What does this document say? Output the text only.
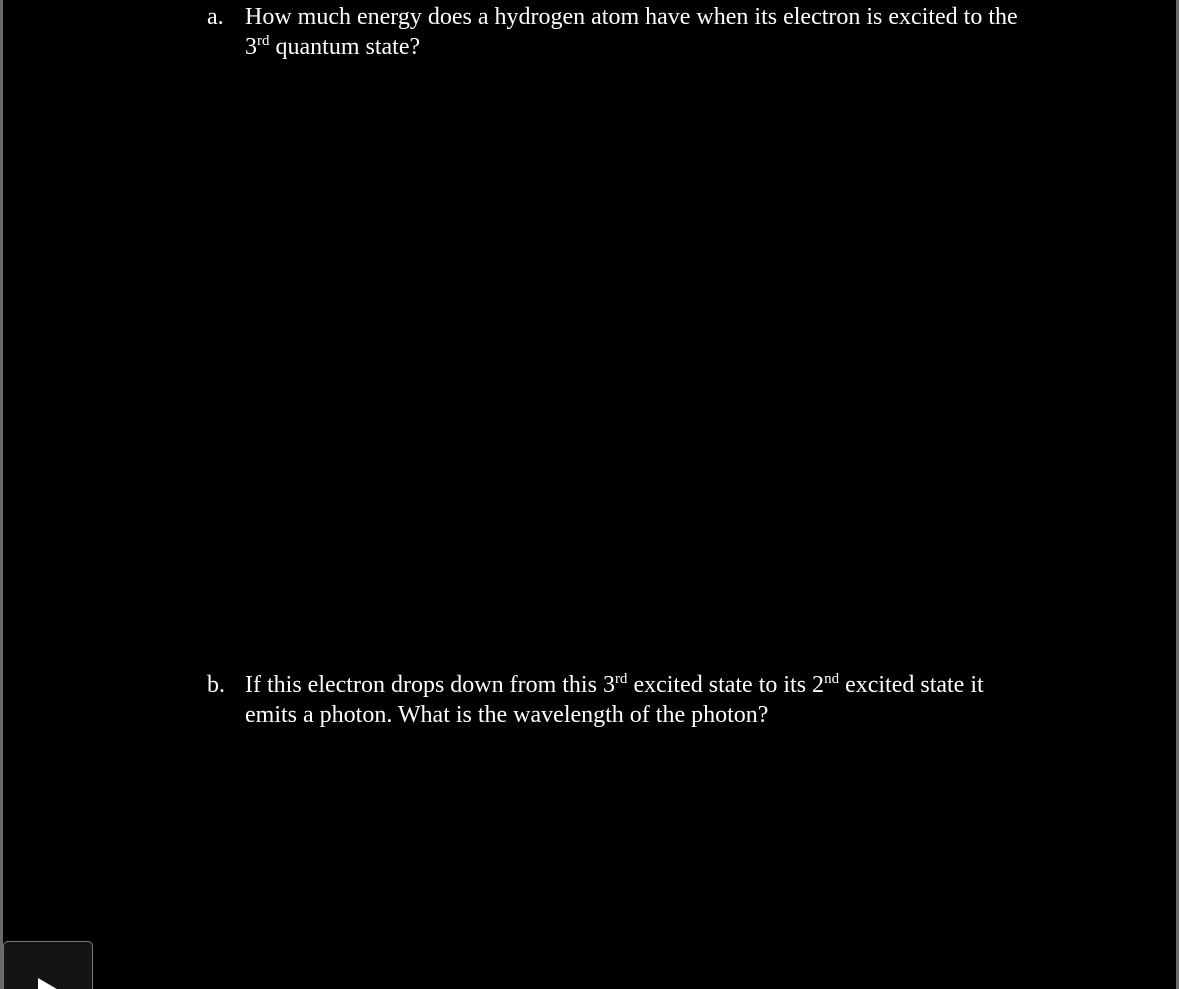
a. How much energy does a hydrogen atom have when its electron is excited to the
3rd quantum state?
b. If this electron drops down from this 3rd excited state to its 2nd excited state it
emits a photon. What is the wavelength of the photon?
